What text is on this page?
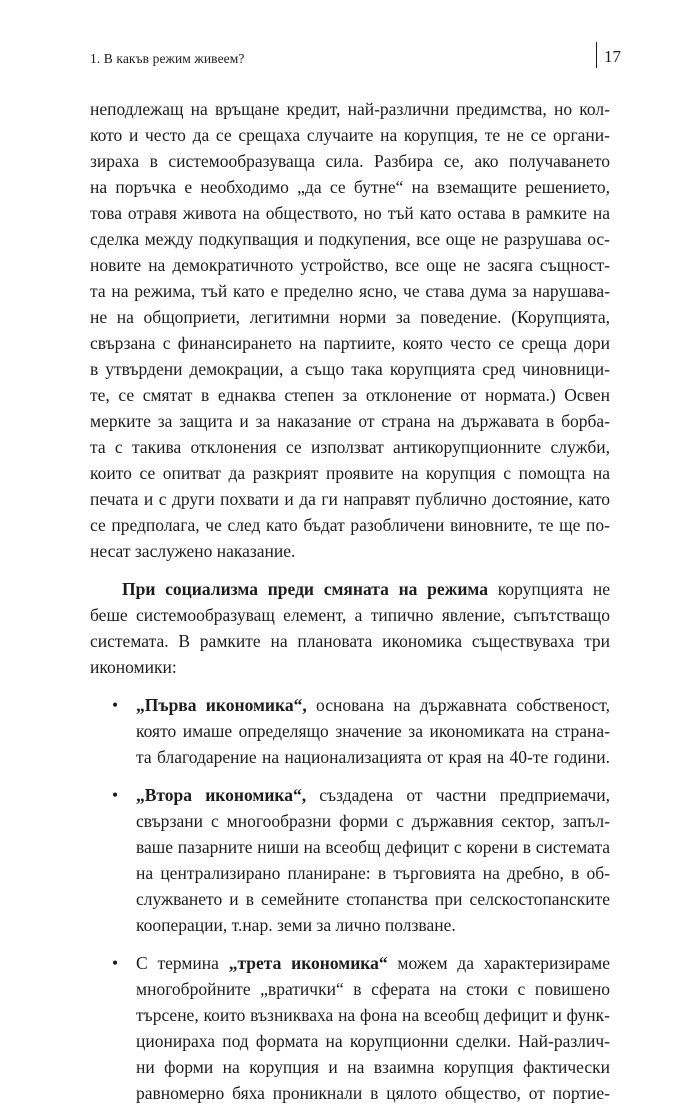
1. В какъв режим живеем?	17
неподлежащ на връщане кредит, най-различни предимства, но кол-
кото и често да се срещаха случаите на корупция, те не се органи-
зираха в системообразуваща сила. Разбира се, ако получаването
на поръчка е необходимо „да се бутне“ на вземащите решението,
това отравя живота на обществото, но тъй като остава в рамките на
сделка между подкупващия и подкупения, все още не разрушава ос-
новите на демократичното устройство, все още не засяга същност-
та на режима, тъй като е пределно ясно, че става дума за нарушава-
не на общоприети, легитимни норми за поведение. (Корупцията,
свързана с финансирането на партиите, която често се среща дори
в утвърдени демокрации, а също така корупцията сред чиновници-
те, се смятат в еднаква степен за отклонение от нормата.) Освен
мерките за защита и за наказание от страна на държавата в борба-
та с такива отклонения се използват антикорупционните служби,
които се опитват да разкрият проявите на корупция с помощта на
печата и с други похвати и да ги направят публично достояние, като
се предполага, че след като бъдат разобличени виновните, те ще по-
несат заслужено наказание.
При социализма преди смяната на режима корупцията не
беше системообразуващ елемент, а типично явление, съпътстващо
системата. В рамките на плановата икономика съществуваха три
икономики:
• „Първа икономика“, основана на държавната собственост,
която имаше определящо значение за икономиката на страна-
та благодарение на национализацията от края на 40-те години.
• „Втора икономика“, създадена от частни предприемачи,
свързани с многообразни форми с държавния сектор, запъл-
ваше пазарните ниши на всеобщ дефицит с корени в системата
на централизирано планиране: в търговията на дребно, в об-
служването и в семейните стопанства при селскостопанските
кооперации, т.нар. земи за лично ползване.
• С термина „трета икономика“ можем да характеризираме
многобройните „вратички“ в сферата на стоки с повишено
търсене, които възникваха на фона на всеобщ дефицит и функ-
ционираха под формата на корупционни сделки. Най-различ-
ни форми на корупция и на взаимна корупция фактически
равномерно бяха проникнали в цялото общество, от портие-
